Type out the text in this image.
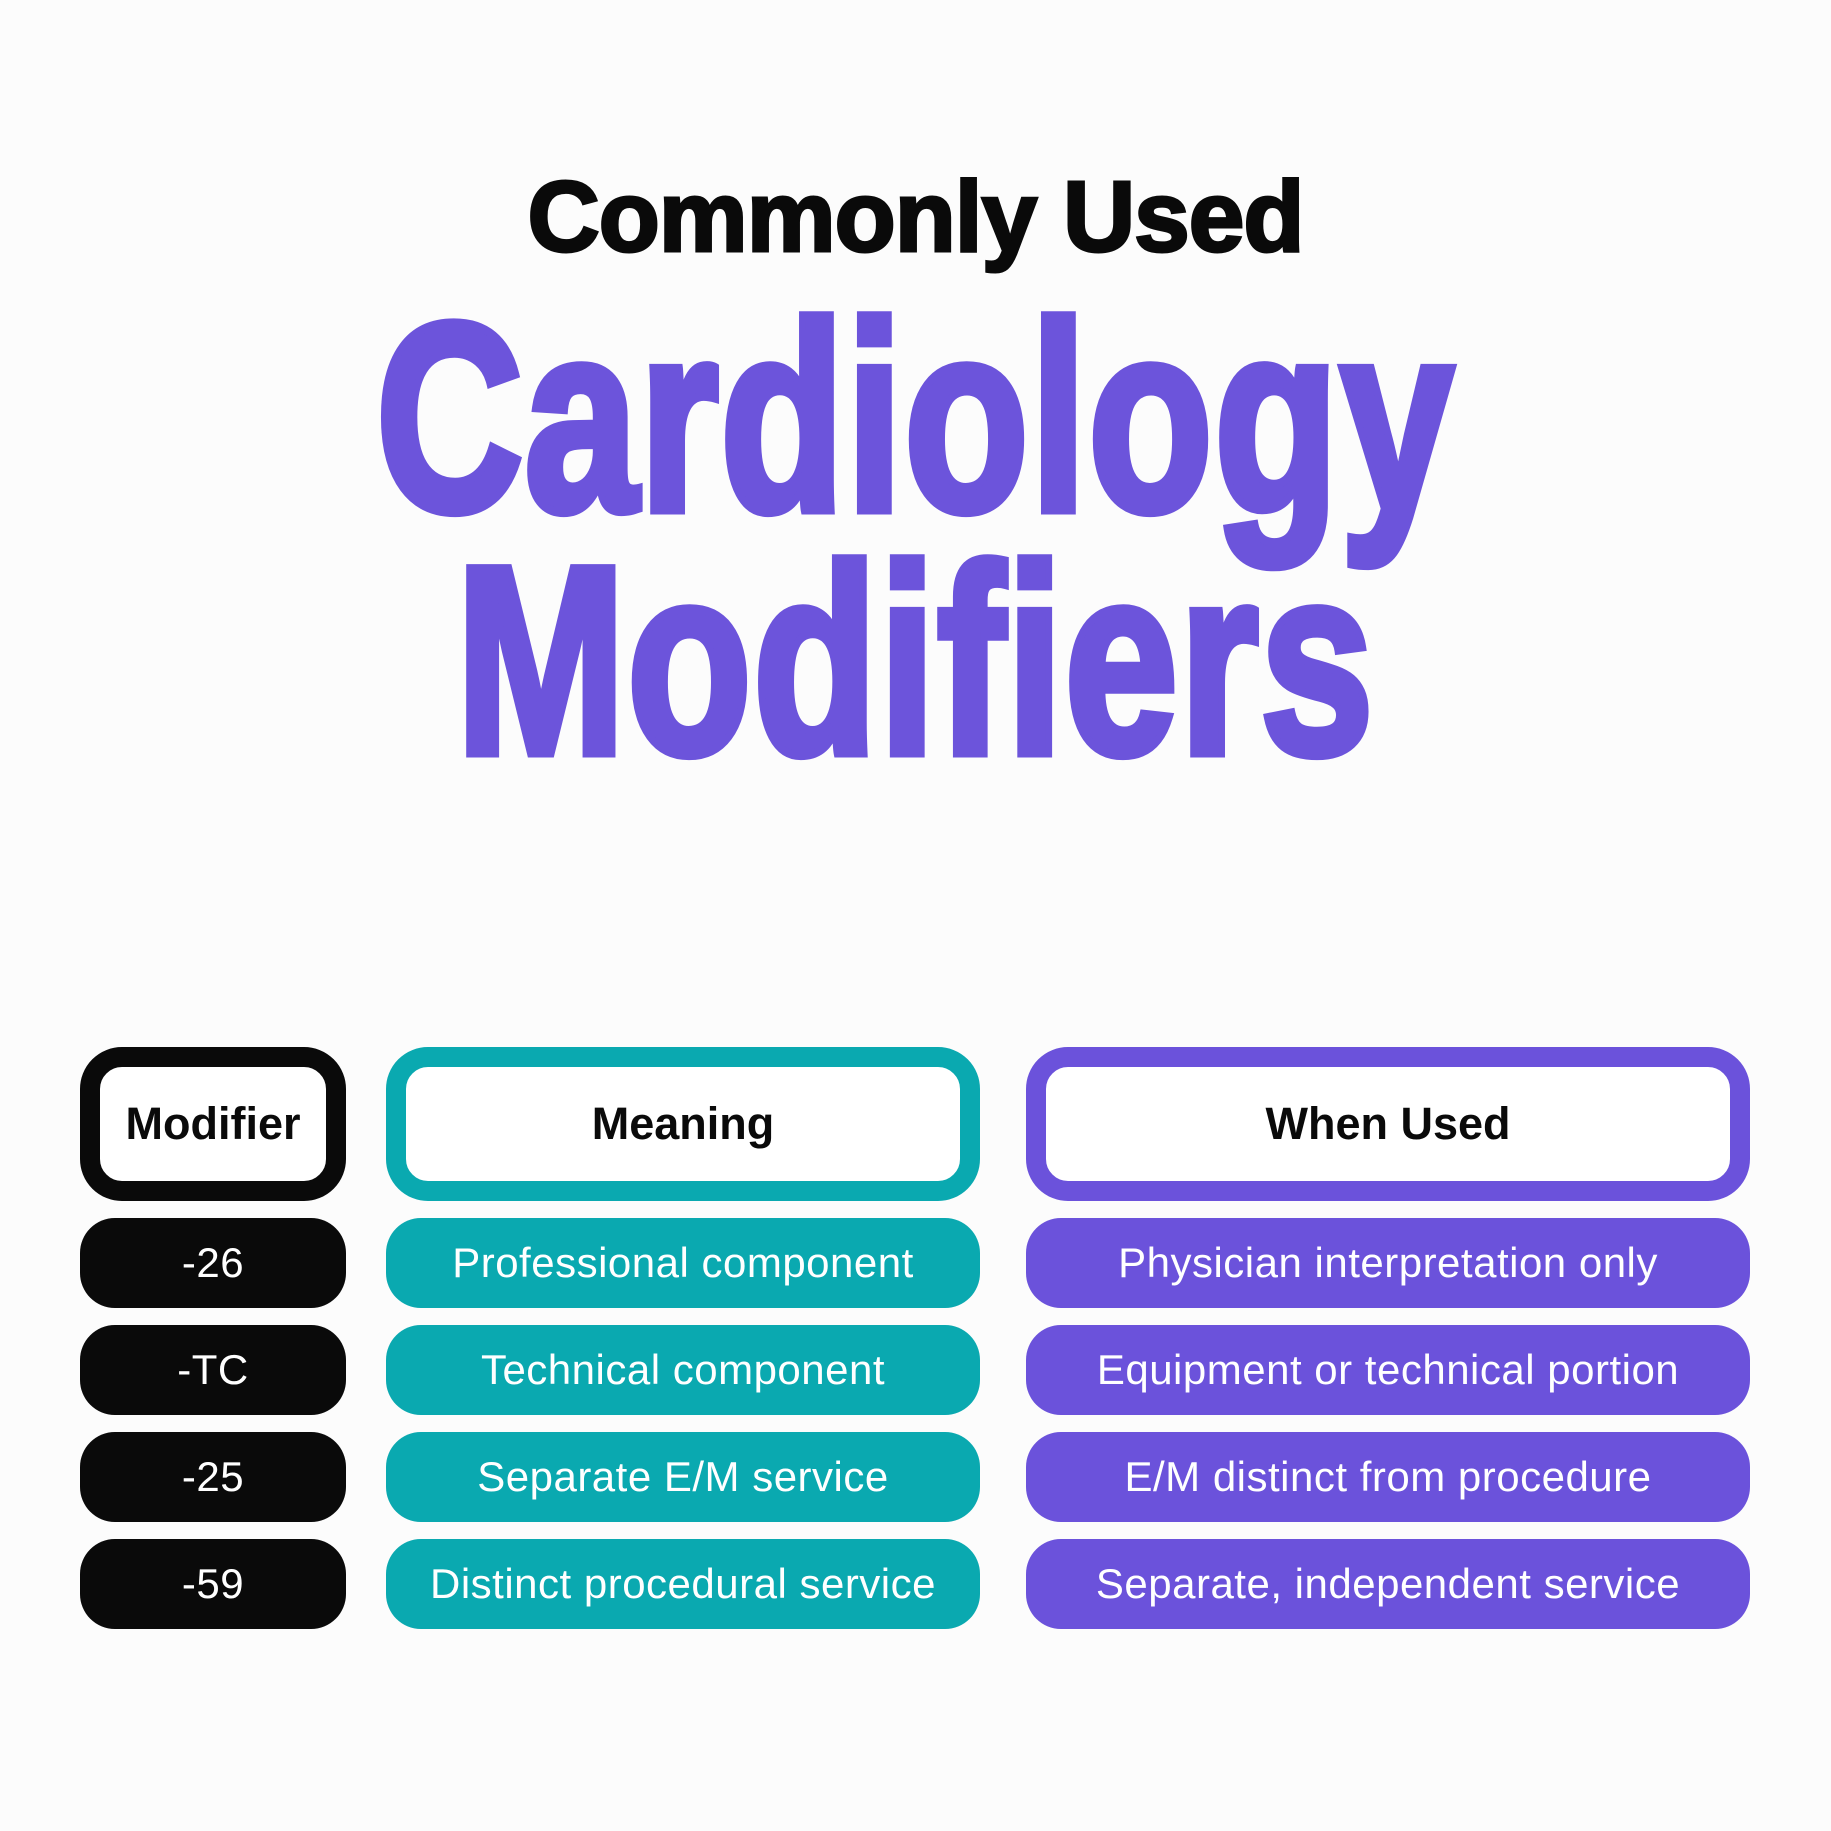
Commonly Used
Cardiology
Modifiers
Modifier
-26
-TC
-25
-59
Meaning
Professional component
Technical component
Separate E/M service
Distinct procedural service
When Used
Physician interpretation only
Equipment or technical portion
E/M distinct from procedure
Separate, independent service
